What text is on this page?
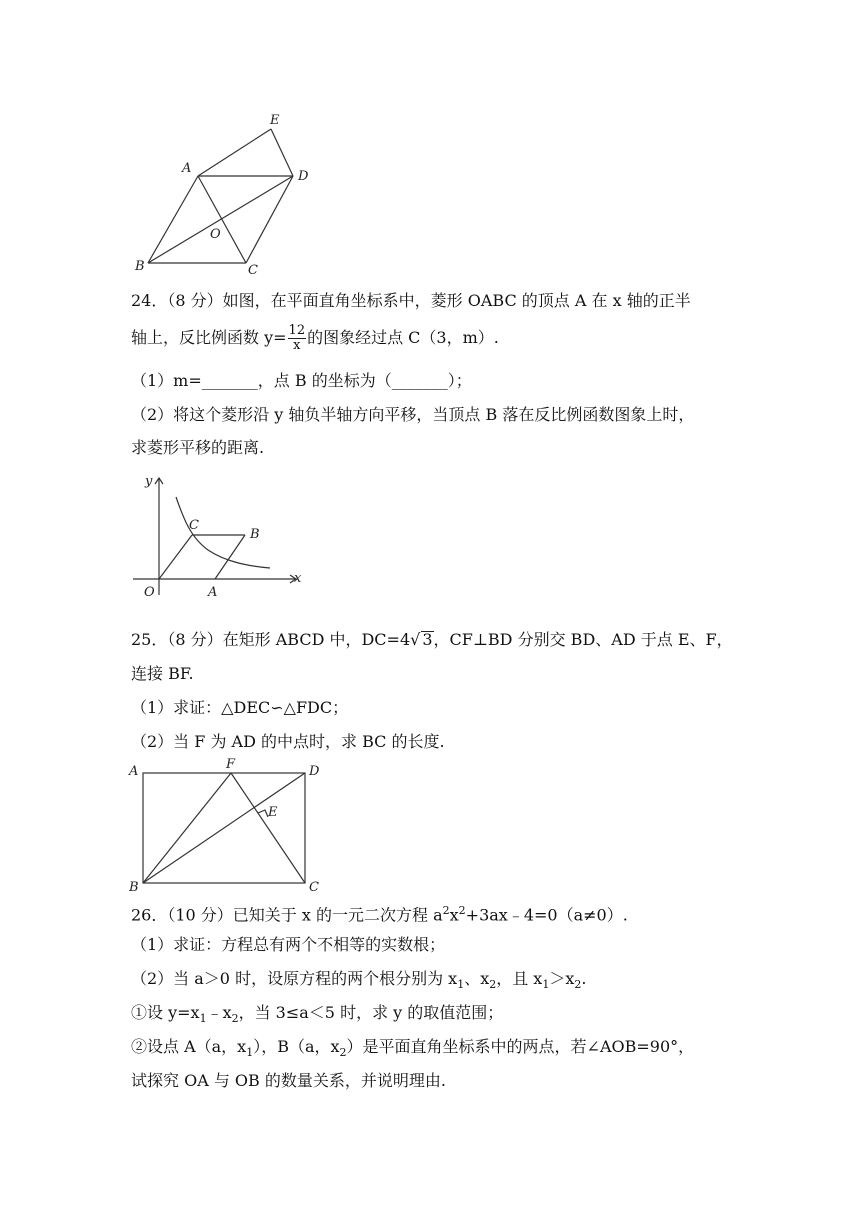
A
B	C
D
E
O
24．（8 分）如图，在平面直角坐标系中，菱形 OABC 的顶点 A 在 x 轴的正半
轴上，反比例函数 $y= \frac{12}{x}$ 的图象经过点 C（3，m）.
（1）m=_______，点 B 的坐标为（_______）；
（2）将这个菱形沿 y 轴负半轴方向平移，当顶点 B 落在反比例函数图象上时，
求菱形平移的距离.
y
x
O	A
B
C
25．（8 分）在矩形 ABCD 中，DC=4√ 3，CF⊥BD 分别交 BD、AD 于点 E、F，
连接 BF.
（1）求证：△DEC∽△FDC；
（2）当 F 为 AD 的中点时，求 BC 的长度.
A
B	C
D
E
F
26．（10 分）已知关于 x 的一元二次方程 $a^2x^2+3ax﹣4=0(a\ne 0)$.
（1）求证：方程总有两个不相等的实数根；
（2）当 a＞0 时，设原方程的两个根分别为 $x_1$、$x_2$，且 $x_1>x_2$.
①设 $y=x_1﹣x_2$，当 3≤a＜5 时，求 y 的取值范围；
②设点 A（a，$x_1$），B（a，$x_2$）是平面直角坐标系中的两点，若∠AOB=90°，
试探究 OA 与 OB 的数量关系，并说明理由.
